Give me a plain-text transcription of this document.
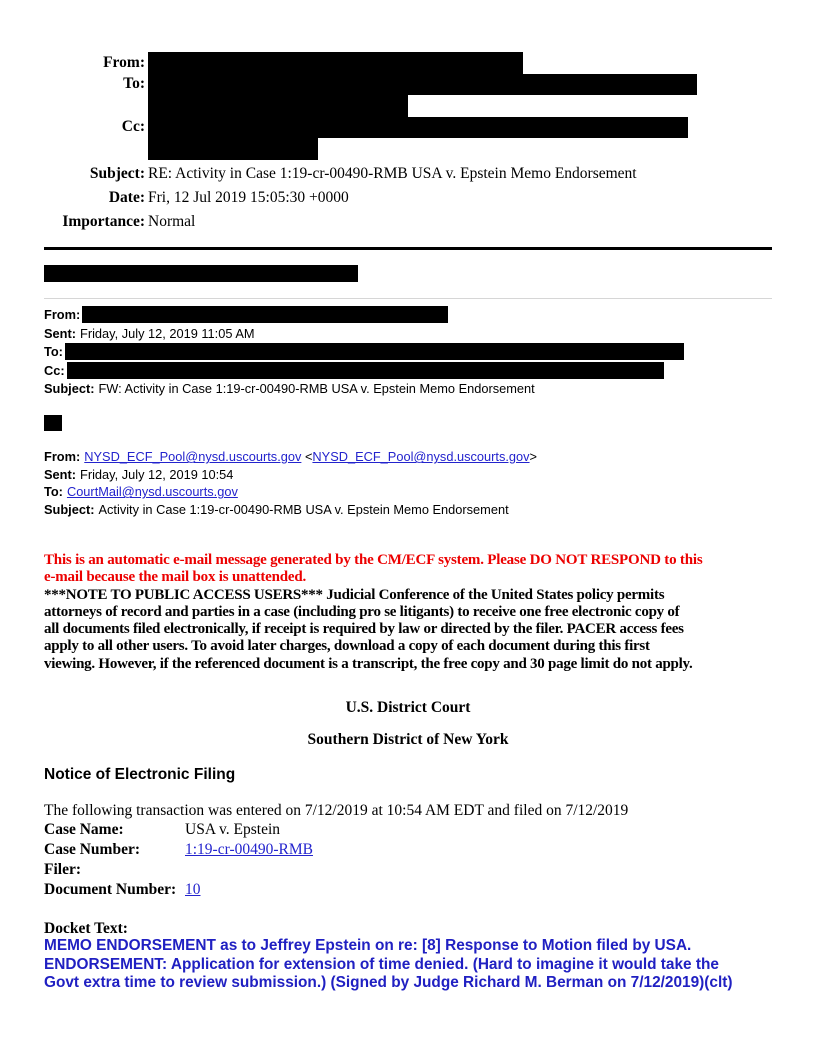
From:
To:
Cc:
Subject: RE: Activity in Case 1:19-cr-00490-RMB USA v. Epstein Memo Endorsement
Date: Fri, 12 Jul 2019 15:05:30 +0000
Importance: Normal
From:
Sent: Friday, July 12, 2019 11:05 AM
To:
Cc:
Subject: FW: Activity in Case 1:19-cr-00490-RMB USA v. Epstein Memo Endorsement
From: NYSD_ECF_Pool@nysd.uscourts.gov <NYSD_ECF_Pool@nysd.uscourts.gov>
Sent: Friday, July 12, 2019 10:54
To: CourtMail@nysd.uscourts.gov
Subject: Activity in Case 1:19-cr-00490-RMB USA v. Epstein Memo Endorsement
This is an automatic e-mail message generated by the CM/ECF system. Please DO NOT RESPOND to this
e-mail because the mail box is unattended.
***NOTE TO PUBLIC ACCESS USERS*** Judicial Conference of the United States policy permits
attorneys of record and parties in a case (including pro se litigants) to receive one free electronic copy of
all documents filed electronically, if receipt is required by law or directed by the filer. PACER access fees
apply to all other users. To avoid later charges, download a copy of each document during this first
viewing. However, if the referenced document is a transcript, the free copy and 30 page limit do not apply.
U.S. District Court
Southern District of New York
Notice of Electronic Filing
The following transaction was entered on 7/12/2019 at 10:54 AM EDT and filed on 7/12/2019
Case Name:	USA v. Epstein
Case Number:	1:19-cr-00490-RMB
Filer:
Document Number: 10
Docket Text:
MEMO ENDORSEMENT as to Jeffrey Epstein on re: [8] Response to Motion filed by USA.
ENDORSEMENT: Application for extension of time denied. (Hard to imagine it would take the
Govt extra time to review submission.) (Signed by Judge Richard M. Berman on 7/12/2019)(clt)
